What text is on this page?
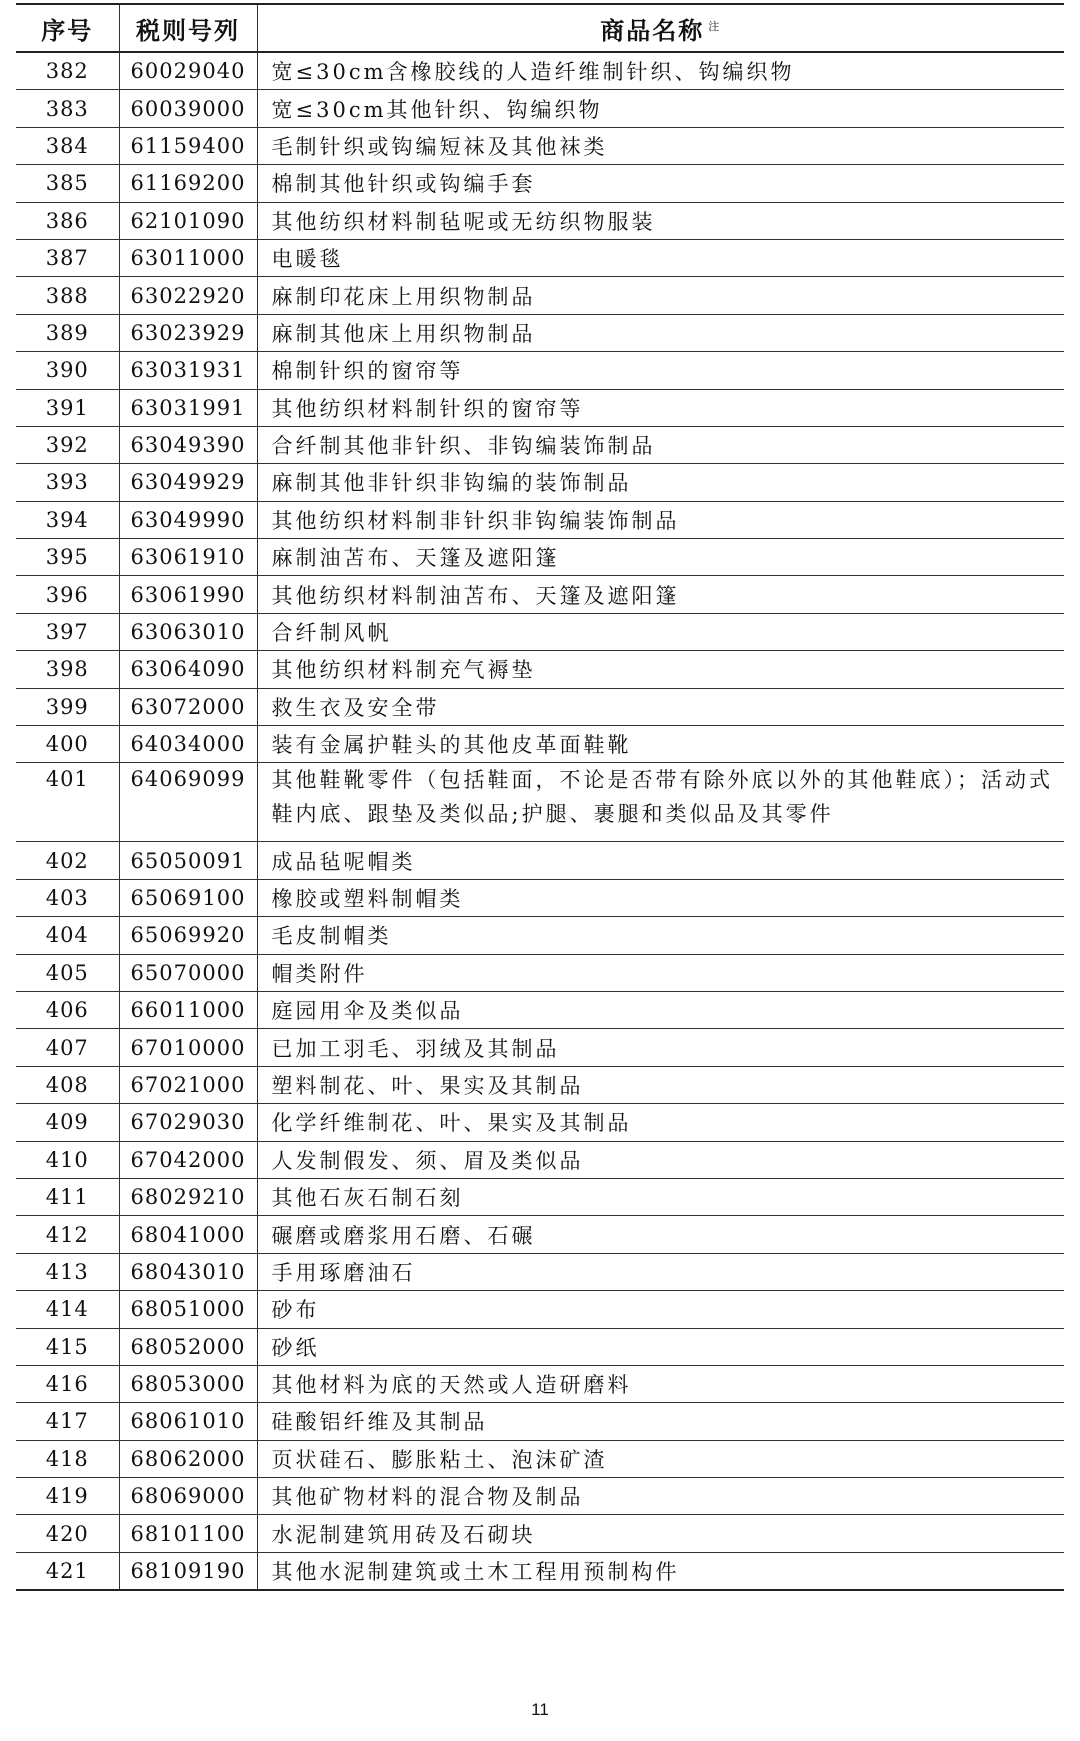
序号	税则号列	商品名称 $^注$
382	60029040	宽≤30cm含橡胶线的人造纤维制针织、钩编织物
383	60039000	宽≤30cm其他针织、钩编织物
384	61159400	毛制针织或钩编短袜及其他袜类
385	61169200	棉制其他针织或钩编手套
386	62101090	其他纺织材料制毡呢或无纺织物服装
387	63011000	电暖毯
388	63022920	麻制印花床上用织物制品
389	63023929	麻制其他床上用织物制品
390	63031931	棉制针织的窗帘等
391	63031991	其他纺织材料制针织的窗帘等
392	63049390	合纤制其他非针织、非钩编装饰制品
393	63049929	麻制其他非针织非钩编的装饰制品
394	63049990	其他纺织材料制非针织非钩编装饰制品
395	63061910	麻制油苫布、天篷及遮阳篷
396	63061990	其他纺织材料制油苫布、天篷及遮阳篷
397	63063010	合纤制风帆
398	63064090	其他纺织材料制充气褥垫
399	63072000	救生衣及安全带
400	64034000	装有金属护鞋头的其他皮革面鞋靴
401	64069099	其他鞋靴零件（包括鞋面，不论是否带有除外底以外的其他鞋底）；活动式鞋内底、跟垫及类似品;护腿、裹腿和类似品及其零件
402	65050091	成品毡呢帽类
403	65069100	橡胶或塑料制帽类
404	65069920	毛皮制帽类
405	65070000	帽类附件
406	66011000	庭园用伞及类似品
407	67010000	已加工羽毛、羽绒及其制品
408	67021000	塑料制花、叶、果实及其制品
409	67029030	化学纤维制花、叶、果实及其制品
410	67042000	人发制假发、须、眉及类似品
411	68029210	其他石灰石制石刻
412	68041000	碾磨或磨浆用石磨、石碾
413	68043010	手用琢磨油石
414	68051000	砂布
415	68052000	砂纸
416	68053000	其他材料为底的天然或人造研磨料
417	68061010	硅酸铝纤维及其制品
418	68062000	页状硅石、膨胀粘土、泡沫矿渣
419	68069000	其他矿物材料的混合物及制品
420	68101100	水泥制建筑用砖及石砌块
421	68109190	其他水泥制建筑或土木工程用预制构件
11
